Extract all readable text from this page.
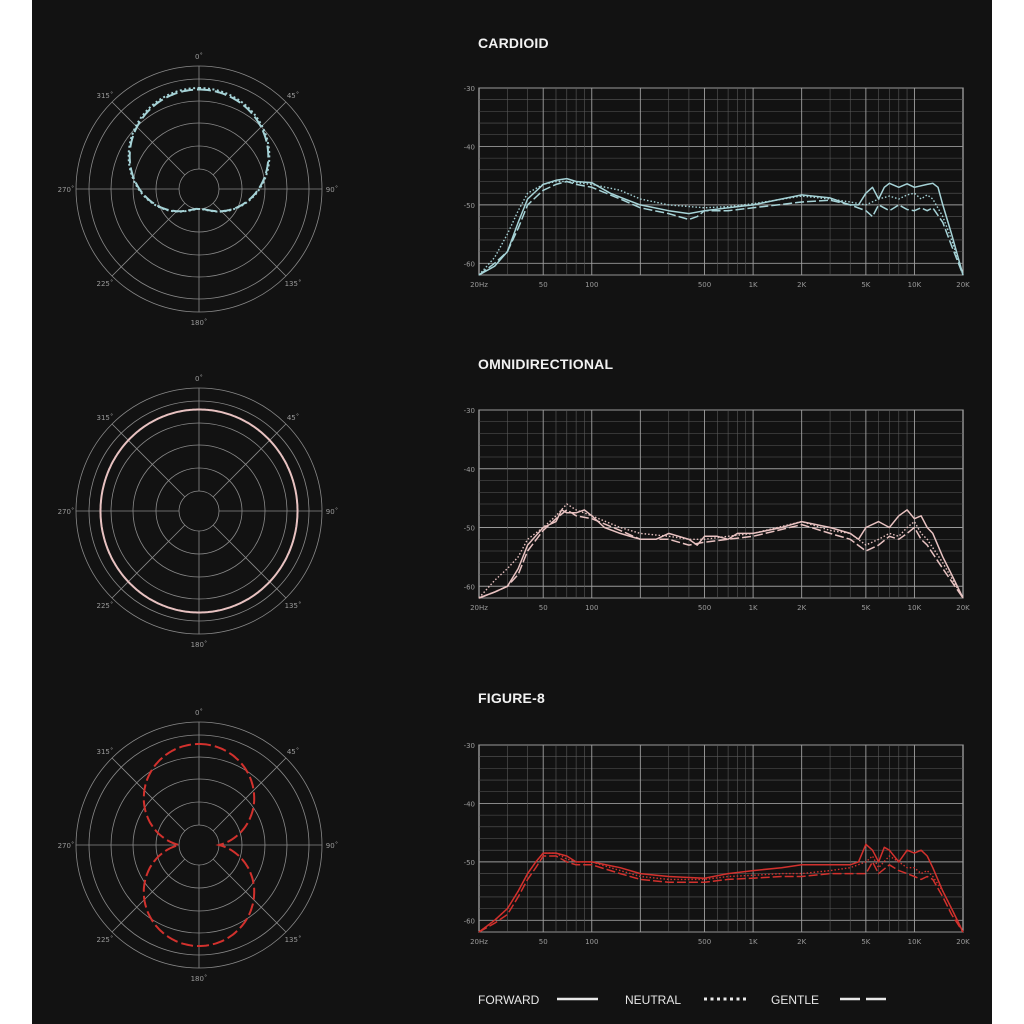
CARDIOID
OMNIDIRECTIONAL
FIGURE-8
0˚
45˚
90˚
135˚
180˚
225˚
270˚
315˚
0˚
45˚
90˚
135˚
180˚
225˚
270˚
315˚
0˚
45˚
90˚
135˚
180˚
225˚
270˚
315˚
-30
-40
-50
-60
20Hz	50	100	500	1K	2K	5K	10K	20K
-30
-40
-50
-60
20Hz	50	100	500	1K	2K	5K	10K	20K
-30
-40
-50
-60
20Hz	50	100	500	1K	2K	5K	10K	20K
FORWARD	NEUTRAL	GENTLE
